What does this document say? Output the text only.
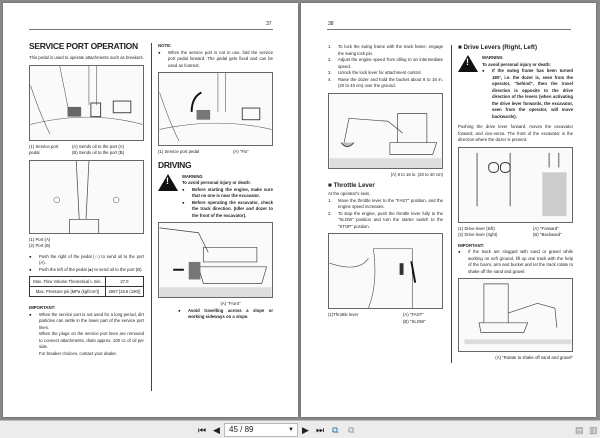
37
SERVICE PORT OPERATION
This pedal is used to operate attachments such as breakers.
(1) Service port pedal
(A) Sends oil to the port (A)
(B) Sends oil to the port (B)
(1) Port (A)
(2) Port (B)
●	Push the right of the pedal (○) to send oil to the port (A).
●	Push the left of the pedal (●) to send oil to the port (B).
Max. Flow Volume Theoretical L min.	27.0
Max. Pressure psi [MPa (kgf/cm²)]	2697 [18.6 (190)]
IMPORTANT:
●	When the service port is not used for a long period, dirt particles can settle in the lower part of the service port lines.
When the plugs on the service port lines are removed to connect attachments, drain approx. 100 cc of oil per side.
For breaker choices, contact your dealer.
NOTE:
●	When the service port is not in use, fold the service port pedal forward. The pedal gets fixed and can be used as footrest.
(1) Service port pedal	(A) "Fix"
DRIVING
!
WARNING
To avoid personal injury or death:
●	Before starting the engine, make sure that no one is near the excavator.
●	Before operating the excavator, check the track direction. (Idler and dozer to the front of the excavator).
(A) "Front"
●	Avoid travelling across a slope or working sideways on a slope.
38
1.	To lock the swing frame with the track frame, engage the swing lock pin.
2.	Adjust the engine speed from idling to an intermediate speed.
3.	Unlock the lock lever for attachment control.
4.	Raise the dozer and hold the bucket about 8 to 16 in. (20 to 40 cm) over the ground.
(A) 8 to 16 in. (20 to 40 cm)
■ Throttle Lever
At the operator's seat,
1.	Move the throttle lever to the "FAST" position, and the engine speed increases.
2.	To stop the engine, push the throttle lever fully to the "SLOW" position and turn the starter switch to the "STOP" position.
(1)Throttle lever	(A) "FAST"
(B) "SLOW"
■ Drive Levers (Right, Left)
!
WARNING
To avoid personal injury or death:
●	If the swing frame has been turned 180°, i.e. the dozer is, seen from the operator, "behind", then the travel direction is opposite to the drive direction of the levers (when activating the drive lever forwards, the excavator, seen from the operator, will move backwards).
Pushing the drive lever forward, moves the excavator forward, and vice-versa. The front of the excavator is the direction where the dozer is present.
(1) Drive lever (left)
(2) Drive lever (right)
(A) "Forward"
(B) "Backward"
IMPORTANT:
●	If the track are clogged with sand or gravel while working on soft ground, lift up one track with the help of the boom, arm and bucket and let the track rotate to shake off the sand and gravel.
(A) "Rotate to shake off sand and gravel"
⏮ ◀	45 / 89	▼ ▶ ⏭ ⧉ ⧉	▤ ▥
